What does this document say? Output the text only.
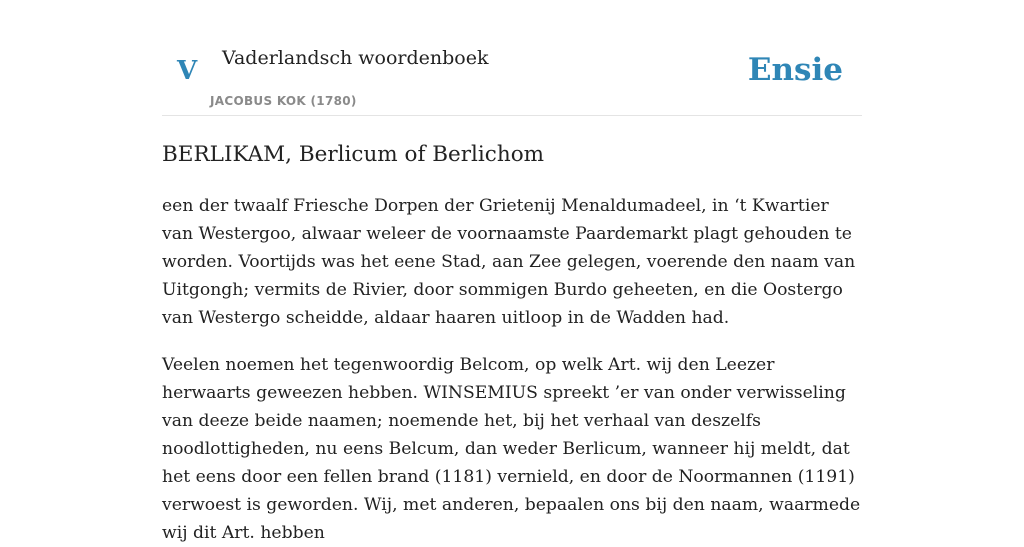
V Vaderlandsch woordenboek
JACOBUS KOK (1780)
Ensie
BERLIKAM, Berlicum of Berlichom

een der twaalf Friesche Dorpen der Grietenij Menaldumadeel, in ‘t Kwartier van Westergoo, alwaar weleer de voornaamste Paardemarkt plagt gehouden te worden. Voortijds was het eene Stad, aan Zee gelegen, voerende den naam van Uitgongh; vermits de Rivier, door sommigen Burdo geheeten, en die Oostergo van Westergo scheidde, aldaar haaren uitloop in de Wadden had.

Veelen noemen het tegenwoordig Belcom, op welk Art. wij den Leezer herwaarts geweezen hebben. WINSEMIUS spreekt ’er van onder verwisseling van deeze beide naamen; noemende het, bij het verhaal van deszelfs noodlottigheden, nu eens Belcum, dan weder Berlicum, wanneer hij meldt, dat het eens door een fellen brand (1181) vernield, en door de Noormannen (1191) verwoest is geworden. Wij, met anderen, bepaalen ons bij den naam, waarmede wij dit Art. hebben
